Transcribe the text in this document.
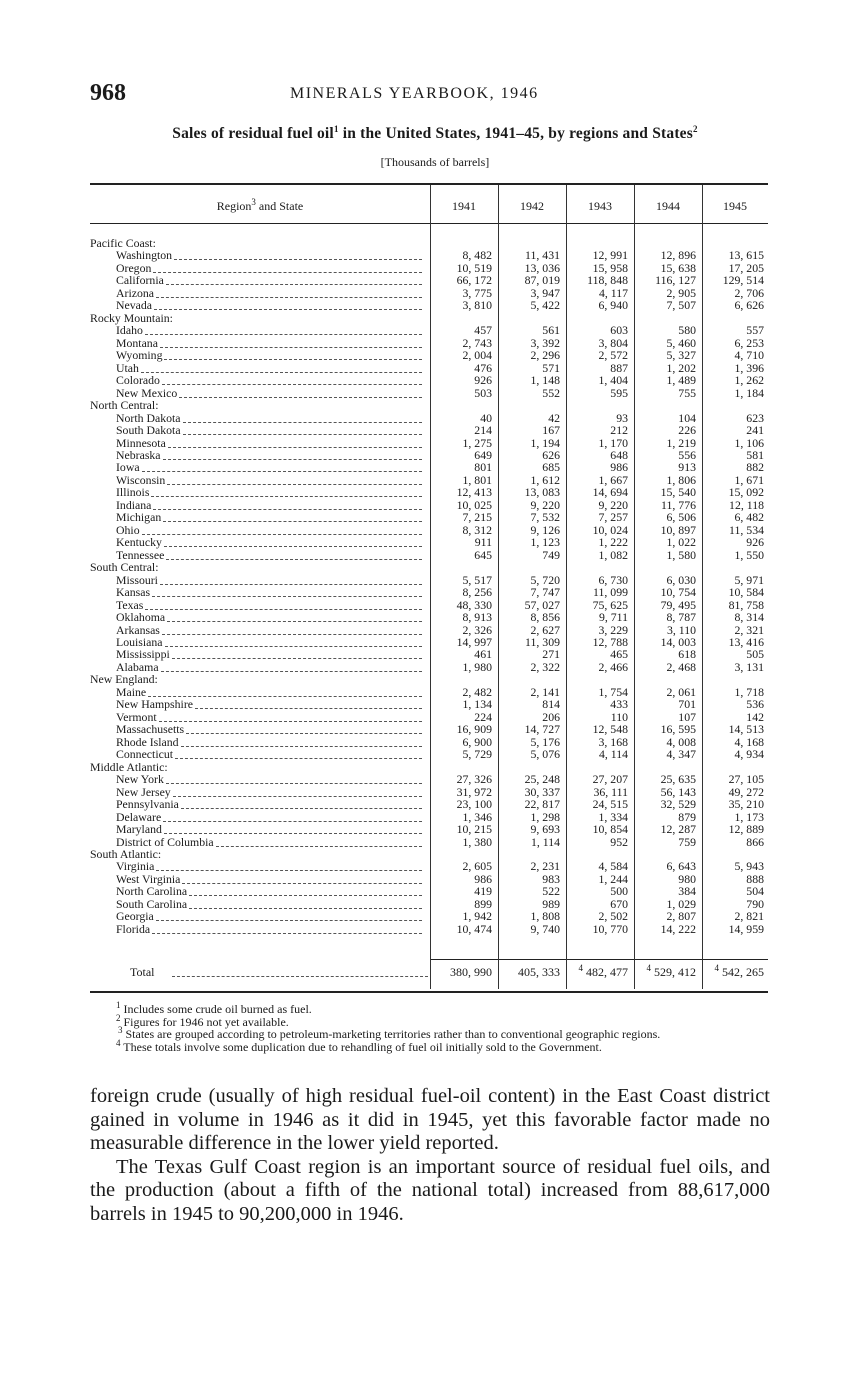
968	MINERALS YEARBOOK, 1946
Sales of residual fuel oil$^1$ in the United States, 1941–45, by regions and States$^2$
[Thousands of barrels]
Region$^3$ and State	1941	1942	1943	1944	1945
Pacific Coast:
Washington	8, 482	11, 431	12, 991	12, 896	13, 615
Oregon	10, 519	13, 036	15, 958	15, 638	17, 205
California	66, 172	87, 019	118, 848	116, 127	129, 514
Arizona	3, 775	3, 947	4, 117	2, 905	2, 706
Nevada	3, 810	5, 422	6, 940	7, 507	6, 626
Rocky Mountain:
Idaho	457	561	603	580	557
Montana	2, 743	3, 392	3, 804	5, 460	6, 253
Wyoming	2, 004	2, 296	2, 572	5, 327	4, 710
Utah	476	571	887	1, 202	1, 396
Colorado	926	1, 148	1, 404	1, 489	1, 262
New Mexico	503	552	595	755	1, 184
North Central:
North Dakota	40	42	93	104	623
South Dakota	214	167	212	226	241
Minnesota	1, 275	1, 194	1, 170	1, 219	1, 106
Nebraska	649	626	648	556	581
Iowa	801	685	986	913	882
Wisconsin	1, 801	1, 612	1, 667	1, 806	1, 671
Illinois	12, 413	13, 083	14, 694	15, 540	15, 092
Indiana	10, 025	9, 220	9, 220	11, 776	12, 118
Michigan	7, 215	7, 532	7, 257	6, 506	6, 482
Ohio	8, 312	9, 126	10, 024	10, 897	11, 534
Kentucky	911	1, 123	1, 222	1, 022	926
Tennessee	645	749	1, 082	1, 580	1, 550
South Central:
Missouri	5, 517	5, 720	6, 730	6, 030	5, 971
Kansas	8, 256	7, 747	11, 099	10, 754	10, 584
Texas	48, 330	57, 027	75, 625	79, 495	81, 758
Oklahoma	8, 913	8, 856	9, 711	8, 787	8, 314
Arkansas	2, 326	2, 627	3, 229	3, 110	2, 321
Louisiana	14, 997	11, 309	12, 788	14, 003	13, 416
Mississippi	461	271	465	618	505
Alabama	1, 980	2, 322	2, 466	2, 468	3, 131
New England:
Maine	2, 482	2, 141	1, 754	2, 061	1, 718
New Hampshire	1, 134	814	433	701	536
Vermont	224	206	110	107	142
Massachusetts	16, 909	14, 727	12, 548	16, 595	14, 513
Rhode Island	6, 900	5, 176	3, 168	4, 008	4, 168
Connecticut	5, 729	5, 076	4, 114	4, 347	4, 934
Middle Atlantic:
New York	27, 326	25, 248	27, 207	25, 635	27, 105
New Jersey	31, 972	30, 337	36, 111	56, 143	49, 272
Pennsylvania	23, 100	22, 817	24, 515	32, 529	35, 210
Delaware	1, 346	1, 298	1, 334	879	1, 173
Maryland	10, 215	9, 693	10, 854	12, 287	12, 889
District of Columbia	1, 380	1, 114	952	759	866
South Atlantic:
Virginia	2, 605	2, 231	4, 584	6, 643	5, 943
West Virginia	986	983	1, 244	980	888
North Carolina	419	522	500	384	504
South Carolina	899	989	670	1, 029	790
Georgia	1, 942	1, 808	2, 502	2, 807	2, 821
Florida	10, 474	9, 740	10, 770	14, 222	14, 959
Total	380, 990	405, 333	$^4$ 482, 477	$^4$ 529, 412	$^4$ 542, 265

$^1$ Includes some crude oil burned as fuel.

$^2$ Figures for 1946 not yet available.

$^3$ States are grouped according to petroleum-marketing territories rather than to conventional geographic regions.

$^4$ These totals involve some duplication due to rehandling of fuel oil initially sold to the Government.

foreign crude (usually of high residual fuel-oil content) in the East Coast district gained in volume in 1946 as it did in 1945, yet this favorable factor made no measurable difference in the lower yield reported.

The Texas Gulf Coast region is an important source of residual fuel oils, and the production (about a fifth of the national total) increased from 88,617,000 barrels in 1945 to 90,200,000 in 1946.
